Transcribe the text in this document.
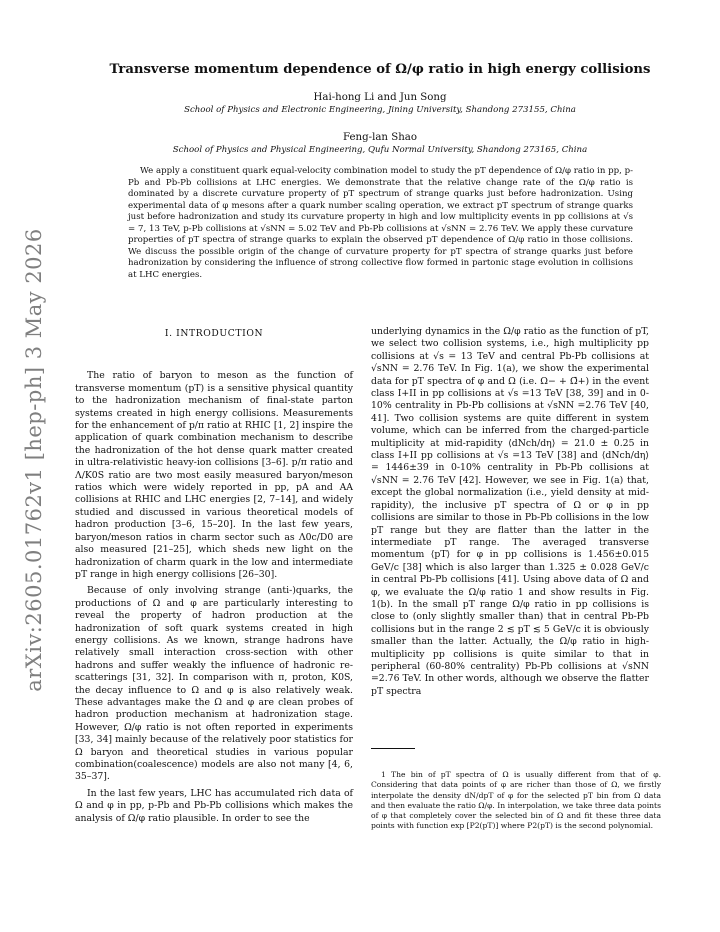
arXiv:2605.01762v1 [hep-ph] 3 May 2026
Transverse momentum dependence of Ω/φ ratio in high energy collisions
Hai-hong Li and Jun Song
School of Physics and Electronic Engineering, Jining University, Shandong 273155, China
Feng-lan Shao
School of Physics and Physical Engineering, Qufu Normal University, Shandong 273165, China

We apply a constituent quark equal-velocity combination model to study the pT dependence of Ω/φ ratio in pp, p-Pb and Pb-Pb collisions at LHC energies. We demonstrate that the relative change rate of the Ω/φ ratio is dominated by a discrete curvature property of pT spectrum of strange quarks just before hadronization. Using experimental data of φ mesons after a quark number scaling operation, we extract pT spectrum of strange quarks just before hadronization and study its curvature property in high and low multiplicity events in pp collisions at √s = 7, 13 TeV, p-Pb collisions at √sNN = 5.02 TeV and Pb-Pb collisions at √sNN = 2.76 TeV. We apply these curvature properties of pT spectra of strange quarks to explain the observed pT dependence of Ω/φ ratio in those collisions. We discuss the possible origin of the change of curvature property for pT spectra of strange quarks just before hadronization by considering the influence of strong collective flow formed in partonic stage evolution in collisions at LHC energies.

I. INTRODUCTION

The ratio of baryon to meson as the function of transverse momentum (pT) is a sensitive physical quantity to the hadronization mechanism of final-state parton systems created in high energy collisions. Measurements for the enhancement of p/π ratio at RHIC [1, 2] inspire the application of quark combination mechanism to describe the hadronization of the hot dense quark matter created in ultra-relativistic heavy-ion collisions [3–6]. p/π ratio and Λ/K0S ratio are two most easily measured baryon/meson ratios which were widely reported in pp, pA and AA collisions at RHIC and LHC energies [2, 7–14], and widely studied and discussed in various theoretical models of hadron production [3–6, 15–20]. In the last few years, baryon/meson ratios in charm sector such as Λ0c/D0 are also measured [21–25], which sheds new light on the hadronization of charm quark in the low and intermediate pT range in high energy collisions [26–30].

Because of only involving strange (anti-)quarks, the productions of Ω and φ are particularly interesting to reveal the property of hadron production at the hadronization of soft quark systems created in high energy collisions. As we known, strange hadrons have relatively small interaction cross-section with other hadrons and suffer weakly the influence of hadronic re-scatterings [31, 32]. In comparison with π, proton, K0S, the decay influence to Ω and φ is also relatively weak. These advantages make the Ω and φ are clean probes of hadron production mechanism at hadronization stage. However, Ω/φ ratio is not often reported in experiments [33, 34] mainly because of the relatively poor statistics for Ω baryon and theoretical studies in various popular combination(coalescence) models are also not many [4, 6, 35–37].

In the last few years, LHC has accumulated rich data of Ω and φ in pp, p-Pb and Pb-Pb collisions which makes the analysis of Ω/φ ratio plausible. In order to see the

underlying dynamics in the Ω/φ ratio as the function of pT, we select two collision systems, i.e., high multiplicity pp collisions at √s = 13 TeV and central Pb-Pb collisions at √sNN = 2.76 TeV. In Fig. 1(a), we show the experimental data for pT spectra of φ and Ω (i.e. Ω− + Ω̄+) in the event class I+II in pp collisions at √s =13 TeV [38, 39] and in 0-10% centrality in Pb-Pb collisions at √sNN =2.76 TeV [40, 41]. Two collision systems are quite different in system volume, which can be inferred from the charged-particle multiplicity at mid-rapidity ⟨dNch/dη⟩ = 21.0 ± 0.25 in class I+II pp collisions at √s =13 TeV [38] and ⟨dNch/dη⟩ = 1446±39 in 0-10% centrality in Pb-Pb collisions at √sNN = 2.76 TeV [42]. However, we see in Fig. 1(a) that, except the global normalization (i.e., yield density at mid-rapidity), the inclusive pT spectra of Ω or φ in pp collisions are similar to those in Pb-Pb collisions in the low pT range but they are flatter than the latter in the intermediate pT range. The averaged transverse momentum ⟨pT⟩ for φ in pp collisions is 1.456±0.015 GeV/c [38] which is also larger than 1.325 ± 0.028 GeV/c in central Pb-Pb collisions [41]. Using above data of Ω and φ, we evaluate the Ω/φ ratio 1 and show results in Fig. 1(b). In the small pT range Ω/φ ratio in pp collisions is close to (only slightly smaller than) that in central Pb-Pb collisions but in the range 2 ≲ pT ≲ 5 GeV/c it is obviously smaller than the latter. Actually, the Ω/φ ratio in high-multiplicity pp collisions is quite similar to that in peripheral (60-80% centrality) Pb-Pb collisions at √sNN =2.76 TeV. In other words, although we observe the flatter pT spectra

1 The bin of pT spectra of Ω is usually different from that of φ. Considering that data points of φ are richer than those of Ω, we firstly interpolate the density dN/dpT of φ for the selected pT bin from Ω data and then evaluate the ratio Ω/φ. In interpolation, we take three data points of φ that completely cover the selected bin of Ω and fit these three data points with function exp [P2(pT)] where P2(pT) is the second polynomial.
